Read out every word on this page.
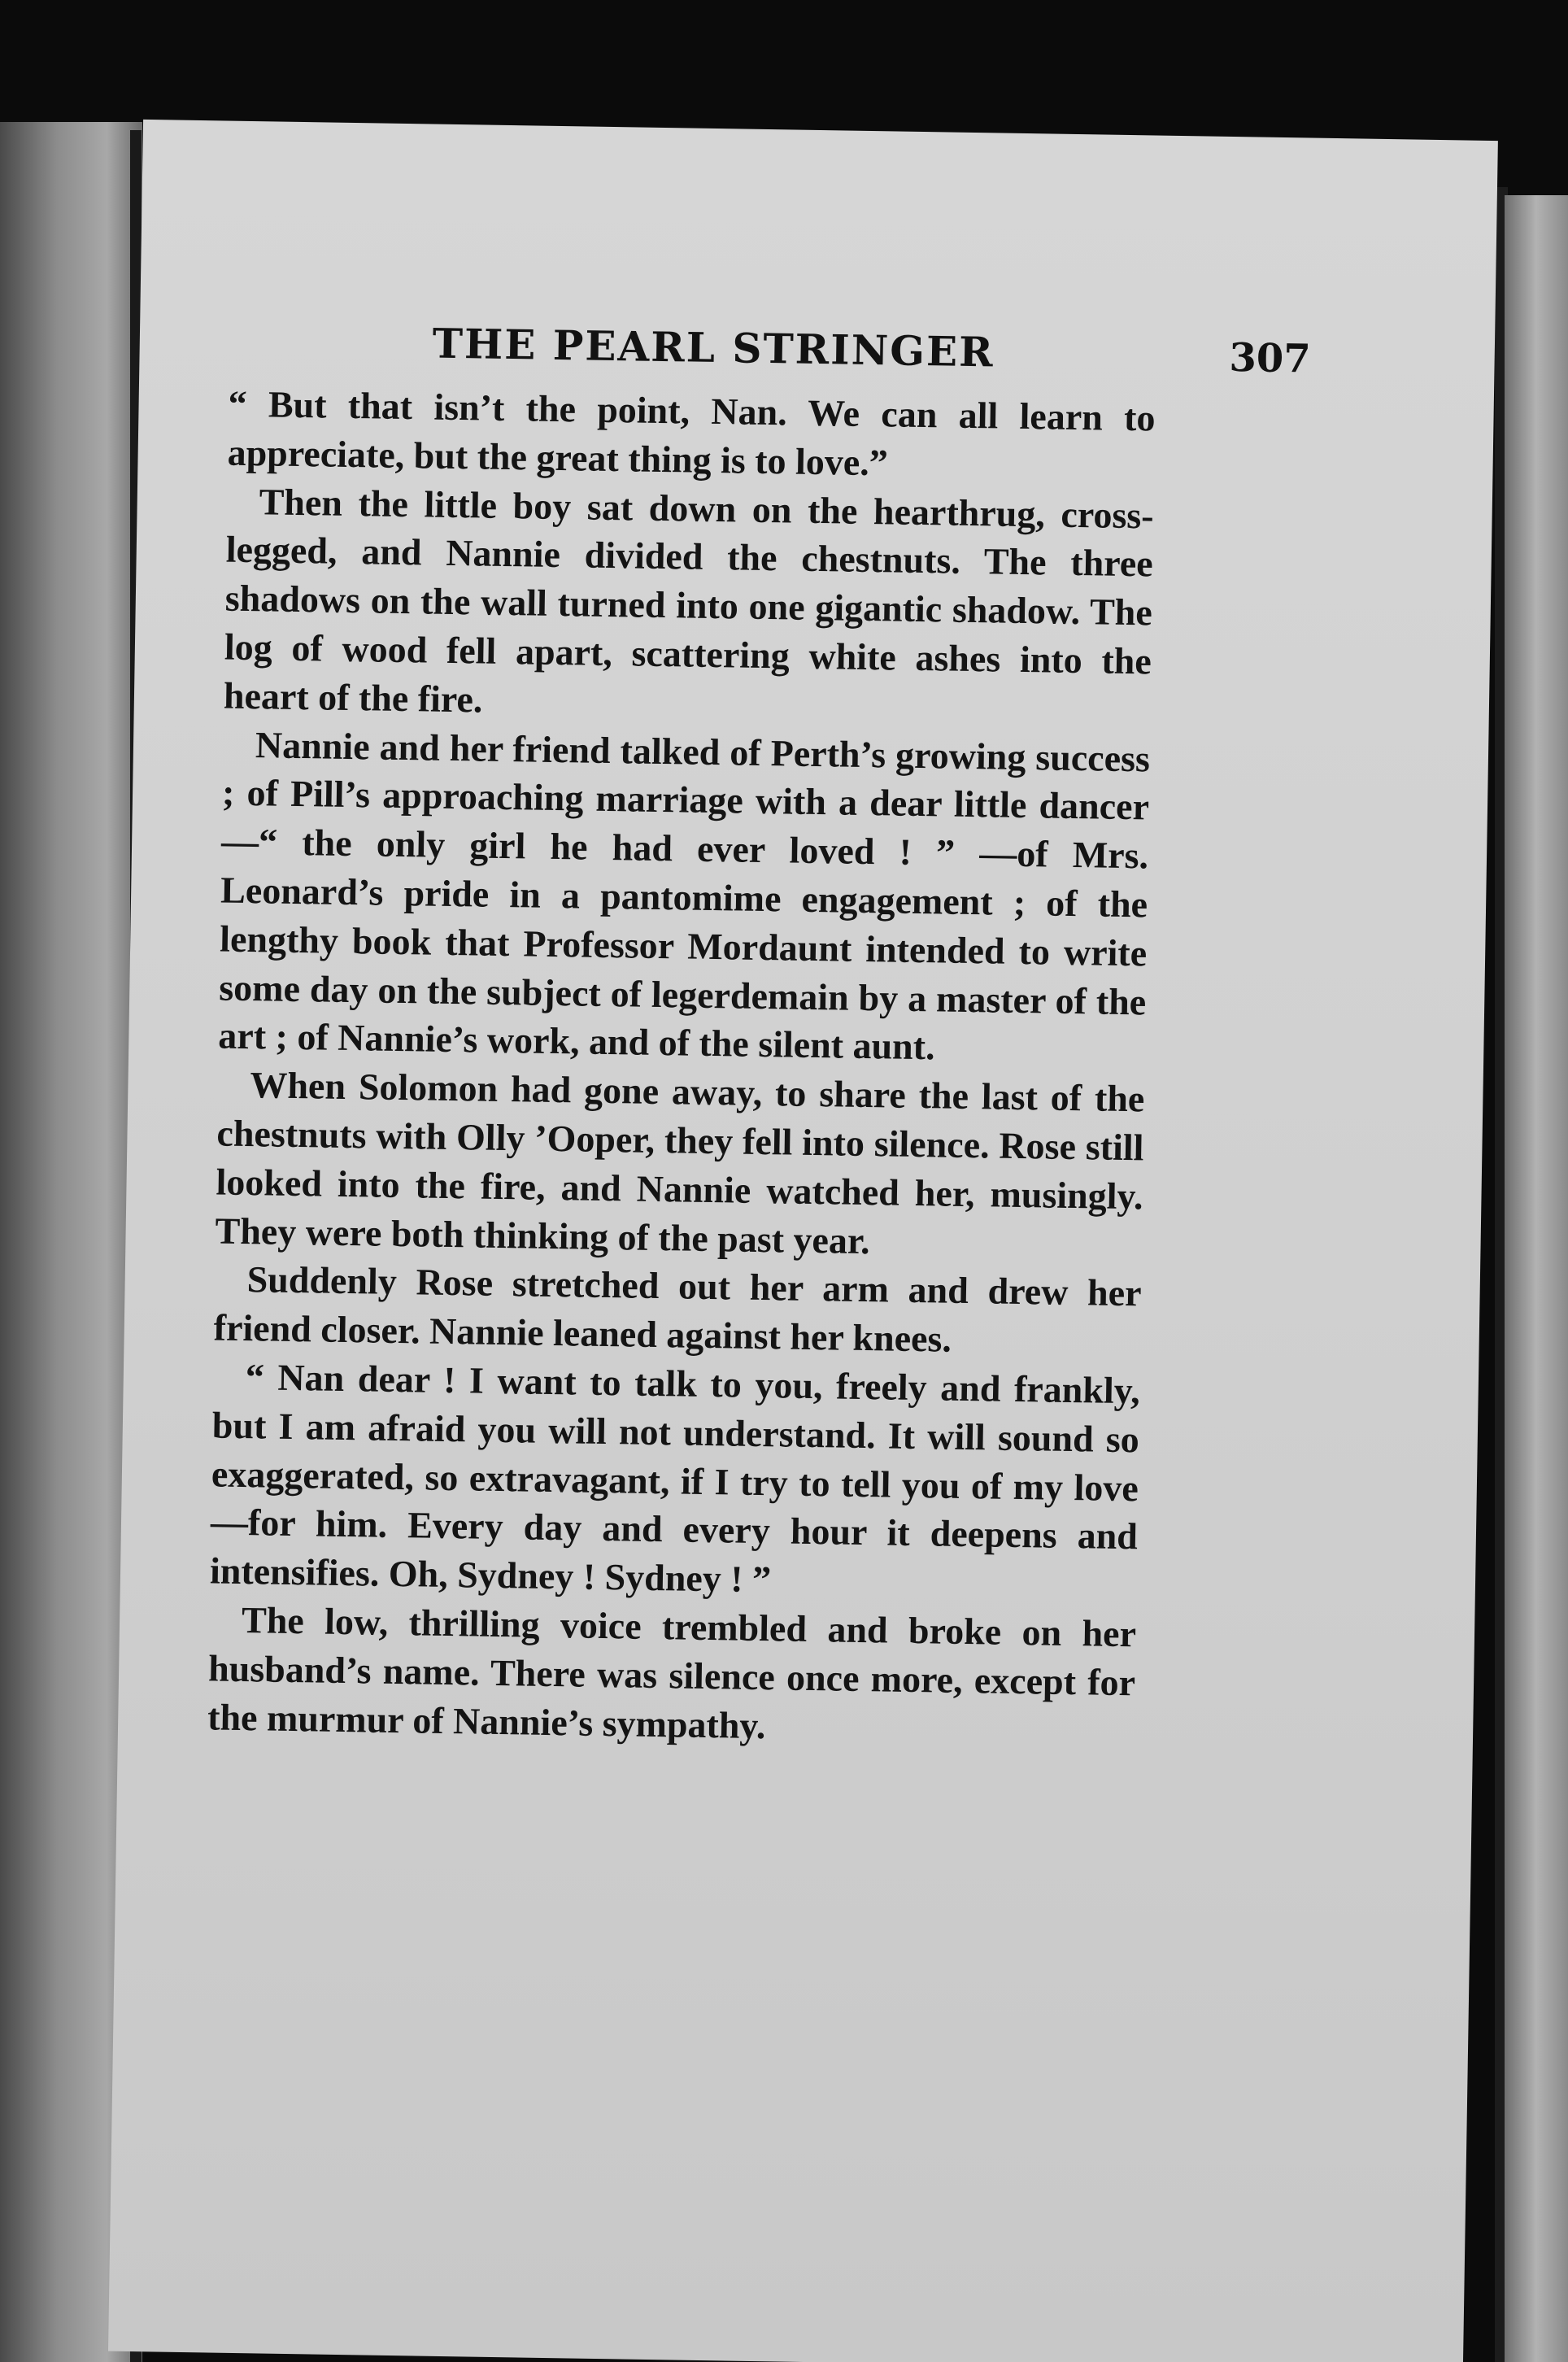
THE PEARL STRINGER	307

“ But that isn’t the point, Nan. We can all learn to appreciate, but the great thing is to love.”

Then the little boy sat down on the hearthrug, cross-legged, and Nannie divided the chestnuts. The three shadows on the wall turned into one gigantic shadow. The log of wood fell apart, scattering white ashes into the heart of the fire.

Nannie and her friend talked of Perth’s growing success ; of Pill’s approaching marriage with a dear little dancer—“ the only girl he had ever loved ! ” —of Mrs. Leonard’s pride in a pantomime engagement ; of the lengthy book that Professor Mordaunt intended to write some day on the subject of legerdemain by a master of the art ; of Nannie’s work, and of the silent aunt.

When Solomon had gone away, to share the last of the chestnuts with Olly ’Ooper, they fell into silence. Rose still looked into the fire, and Nannie watched her, musingly. They were both thinking of the past year.

Suddenly Rose stretched out her arm and drew her friend closer. Nannie leaned against her knees.

“ Nan dear ! I want to talk to you, freely and frankly, but I am afraid you will not understand. It will sound so exaggerated, so extravagant, if I try to tell you of my love—for him. Every day and every hour it deepens and intensifies. Oh, Sydney ! Sydney ! ”

The low, thrilling voice trembled and broke on her husband’s name. There was silence once more, except for the murmur of Nannie’s sympathy.
